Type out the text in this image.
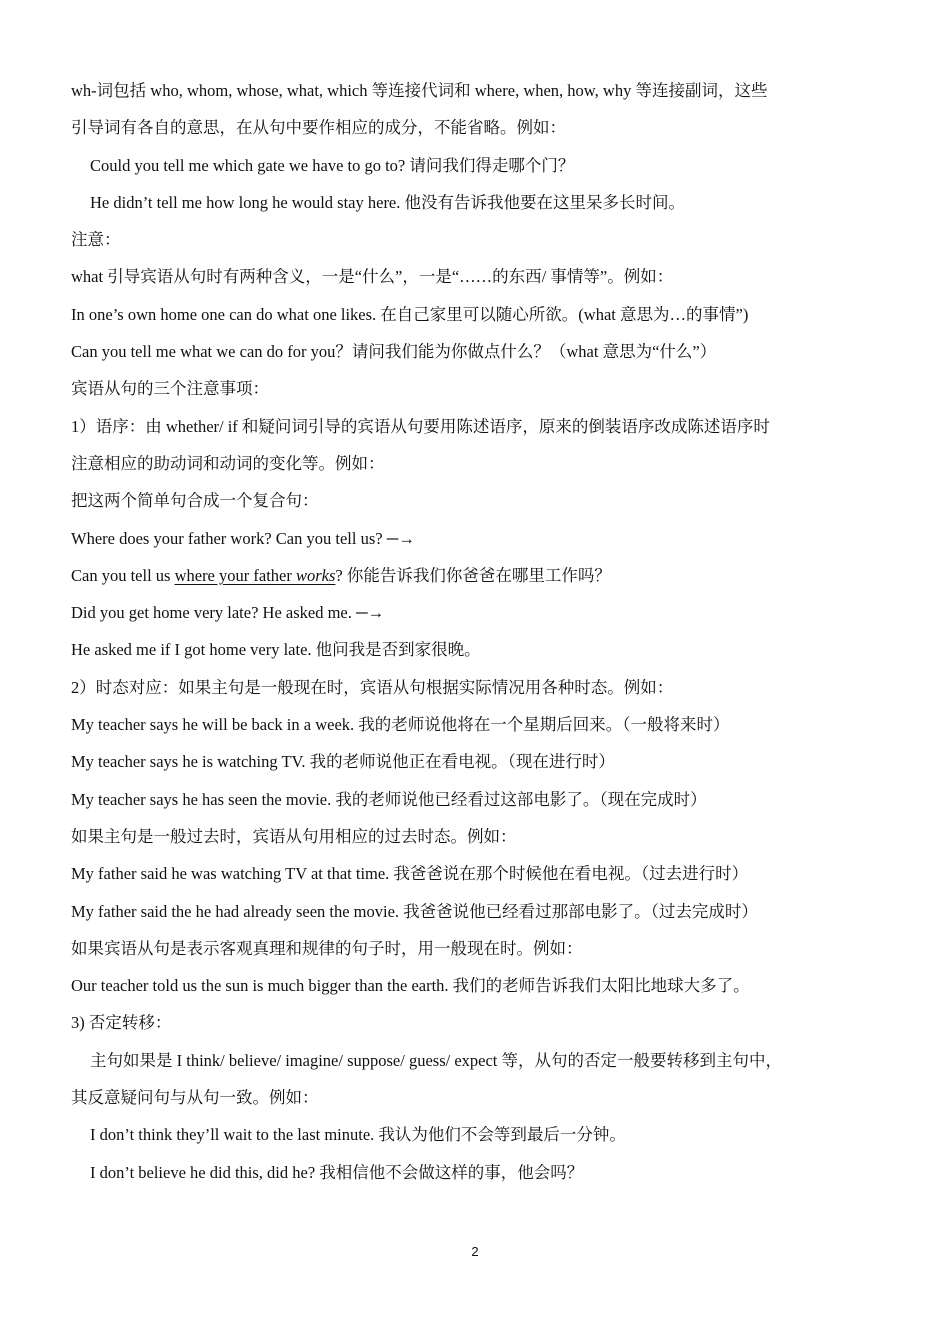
wh-词包括 who, whom, whose, what, which 等连接代词和 where, when, how, why 等连接副词，这些
引导词有各自的意思，在从句中要作相应的成分，不能省略。例如：
Could you tell me which gate we have to go to? 请问我们得走哪个门？
He didn’t tell me how long he would stay here. 他没有告诉我他要在这里呆多长时间。
注意：
what 引导宾语从句时有两种含义，一是“什么”，一是“……的东西/ 事情等”。例如：
In one’s own home one can do what one likes. 在自己家里可以随心所欲。(what 意思为…的事情”)
Can you tell me what we can do for you？请问我们能为你做点什么？（what 意思为“什么”）
宾语从句的三个注意事项：
1）语序：由 whether/ if 和疑问词引导的宾语从句要用陈述语序，原来的倒装语序改成陈述语序时
注意相应的助动词和动词的变化等。例如：
把这两个简单句合成一个复合句：
Where does your father work? Can you tell us? ─→
Can you tell us where your father works? 你能告诉我们你爸爸在哪里工作吗？
Did you get home very late? He asked me. ─→
He asked me if I got home very late. 他问我是否到家很晚。
2）时态对应：如果主句是一般现在时，宾语从句根据实际情况用各种时态。例如：
My teacher says he will be back in a week. 我的老师说他将在一个星期后回来。（一般将来时）
My teacher says he is watching TV. 我的老师说他正在看电视。（现在进行时）
My teacher says he has seen the movie. 我的老师说他已经看过这部电影了。（现在完成时）
如果主句是一般过去时，宾语从句用相应的过去时态。例如：
My father said he was watching TV at that time. 我爸爸说在那个时候他在看电视。（过去进行时）
My father said the he had already seen the movie. 我爸爸说他已经看过那部电影了。（过去完成时）
如果宾语从句是表示客观真理和规律的句子时，用一般现在时。例如：
Our teacher told us the sun is much bigger than the earth. 我们的老师告诉我们太阳比地球大多了。
3) 否定转移：
主句如果是 I think/ believe/ imagine/ suppose/ guess/ expect 等，从句的否定一般要转移到主句中，
其反意疑问句与从句一致。例如：
I don’t think they’ll wait to the last minute. 我认为他们不会等到最后一分钟。
I don’t believe he did this, did he? 我相信他不会做这样的事，他会吗？
2
